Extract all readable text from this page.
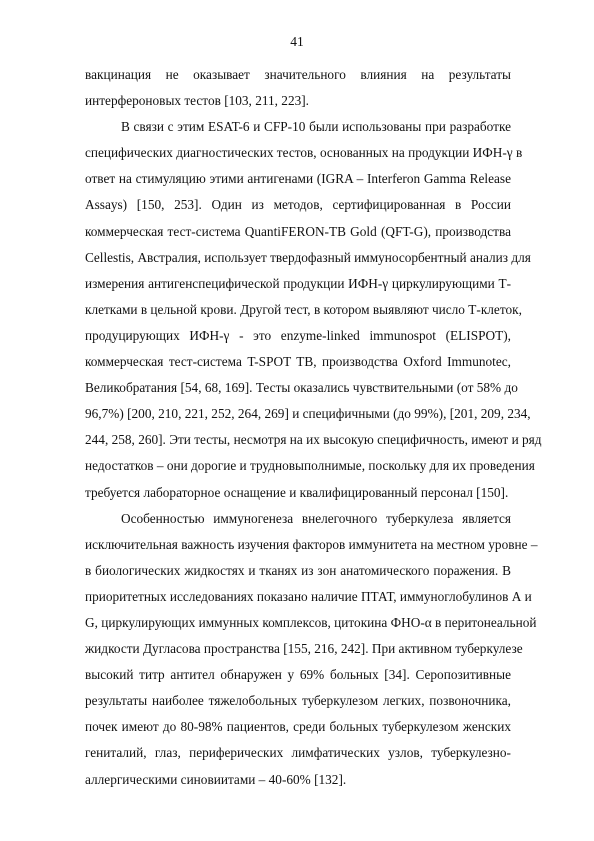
41
вакцинация не оказывает значительного влияния на результаты
интерфероновых тестов [103, 211, 223].
В связи с этим ESAT-6 и CFP-10 были использованы при разработке
специфических диагностических тестов, основанных на продукции ИФН-γ в
ответ на стимуляцию этими антигенами (IGRA – Interferon Gamma Release
Assays) [150, 253]. Один из методов, сертифицированная в России
коммерческая тест-система QuantiFERON-TB Gold (QFT-G), производства
Cellestis, Австралия, использует твердофазный иммуносорбентный анализ для
измерения антигенспецифической продукции ИФН-γ циркулирующими Т-
клетками в цельной крови. Другой тест, в котором выявляют число Т-клеток,
продуцирующих ИФН-γ - это enzyme-linked immunospot (ELISPOT),
коммерческая тест-система T-SPOT TB, производства Oxford Immunotec,
Великобратания [54, 68, 169]. Тесты оказались чувствительными (от 58% до
96,7%) [200, 210, 221, 252, 264, 269] и специфичными (до 99%), [201, 209, 234,
244, 258, 260]. Эти тесты, несмотря на их высокую специфичность, имеют и ряд
недостатков – они дорогие и трудновыполнимые, поскольку для их проведения
требуется лабораторное оснащение и квалифицированный персонал [150].
Особенностью иммуногенеза внелегочного туберкулеза является
исключительная важность изучения факторов иммунитета на местном уровне –
в биологических жидкостях и тканях из зон анатомического поражения. В
приоритетных исследованиях показано наличие ПТАТ, иммуноглобулинов А и
G, циркулирующих иммунных комплексов, цитокина ФНО-α в перитонеальной
жидкости Дугласова пространства [155, 216, 242]. При активном туберкулезе
высокий титр антител обнаружен у 69% больных [34]. Серопозитивные
результаты наиболее тяжелобольных туберкулезом легких, позвоночника,
почек имеют до 80-98% пациентов, среди больных туберкулезом женских
гениталий, глаз, периферических лимфатических узлов, туберкулезно-
аллергическими синовиитами – 40-60% [132].
